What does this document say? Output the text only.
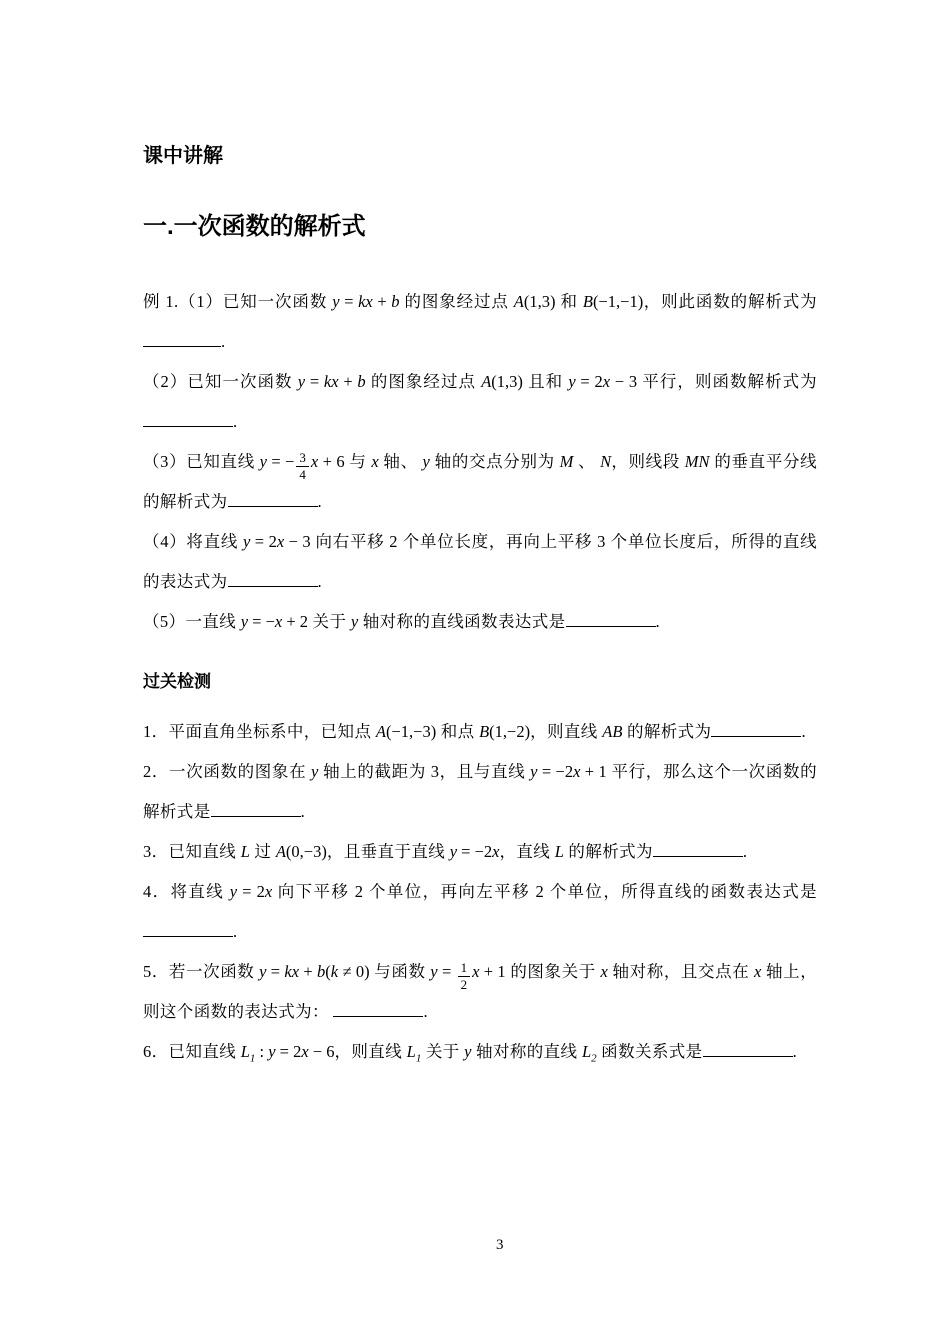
课中讲解
一.一次函数的解析式

例 1.（1）已知一次函数 y = kx + b 的图象经过点 A(1,3) 和 B(−1,−1)，则此函数的解析式为.

（2）已知一次函数 y = kx + b 的图象经过点 A(1,3) 且和 y = 2x − 3 平行，则函数解析式为.

（3）已知直线 y = − $\frac{3}{4}$ x + 6 与 x 轴、 y 轴的交点分别为 M 、 N，则线段 MN 的垂直平分线的解析式为	.

（4）将直线 y = 2x − 3 向右平移 2 个单位长度，再向上平移 3 个单位长度后，所得的直线的表达式为	.

（5）一直线 y = −x + 2 关于 y 轴对称的直线函数表达式是	.

过关检测

1．平面直角坐标系中，已知点 A(−1,−3) 和点 B(1,−2)，则直线 AB 的解析式为	.

2．一次函数的图象在 y 轴上的截距为 3，且与直线 y = −2x + 1 平行，那么这个一次函数的解析式是	.

3．已知直线 L 过 A(0,−3)，且垂直于直线 y = −2x，直线 L 的解析式为	.

4．将直线 y = 2x 向下平移 2 个单位，再向左平移 2 个单位，所得直线的函数表达式是.

5．若一次函数 y = kx + b(k ≠ 0) 与函数 $y = \frac{1}{2}$ x + 1 的图象关于 x 轴对称，且交点在 x 轴上，则这个函数的表达式为：	.

6．已知直线 $L_1$ : y = 2x − 6，则直线 $L_1$ 关于 y 轴对称的直线 $L_2$ 函数关系式是	.

3
